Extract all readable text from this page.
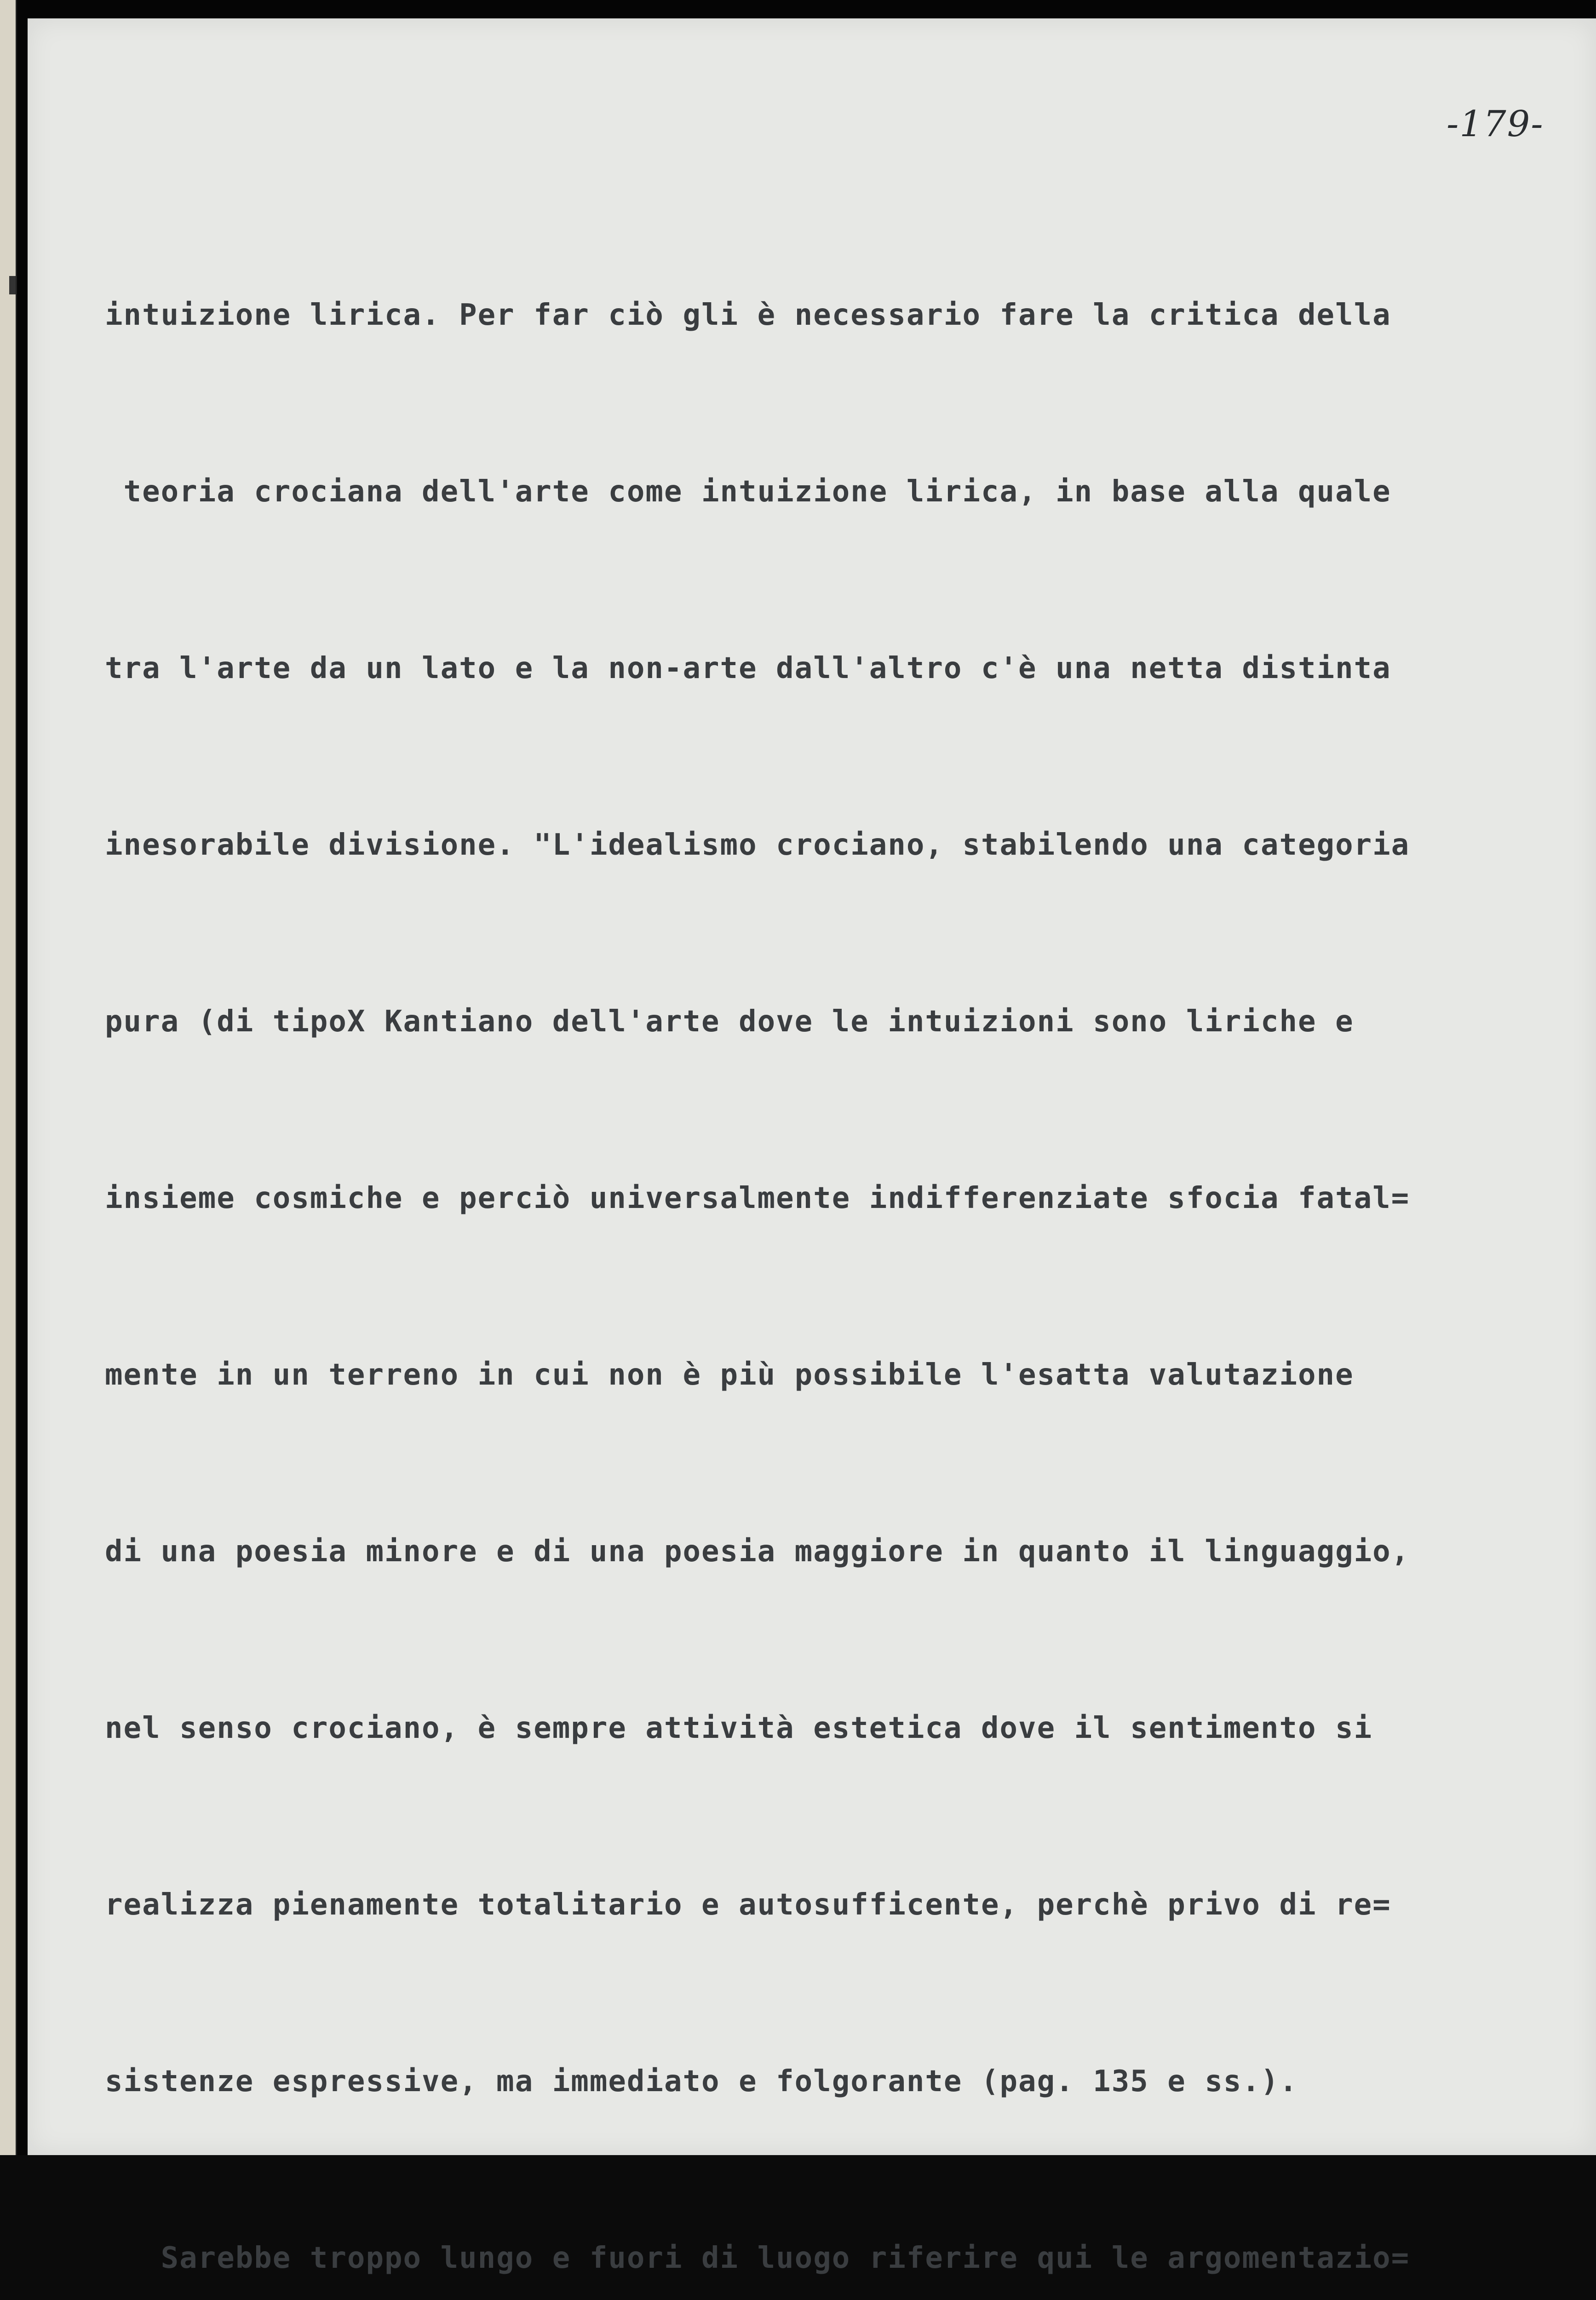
-179-

intuizione lirica. Per far ciò gli è necessario fare la critica della

teoria crociana dell'arte come intuizione lirica, in base alla quale

tra l'arte da un lato e la non-arte dall'altro c'è una netta distinta

inesorabile divisione. "L'idealismo crociano, stabilendo una categoria

pura (di tipoX Kantiano dell'arte dove le intuizioni sono liriche e

insieme cosmiche e perciò universalmente indifferenziate sfocia fatal=

mente in un terreno in cui non è più possibile l'esatta valutazione

di una poesia minore e di una poesia maggiore in quanto il linguaggio,

nel senso crociano, è sempre attività estetica dove il sentimento si

realizza pienamente totalitario e autosufficente, perchè privo di re=

sistenze espressive, ma immediato e folgorante (pag. 135 e ss.).

Sarebbe troppo lungo e fuori di luogo riferire qui le argomentazio=
